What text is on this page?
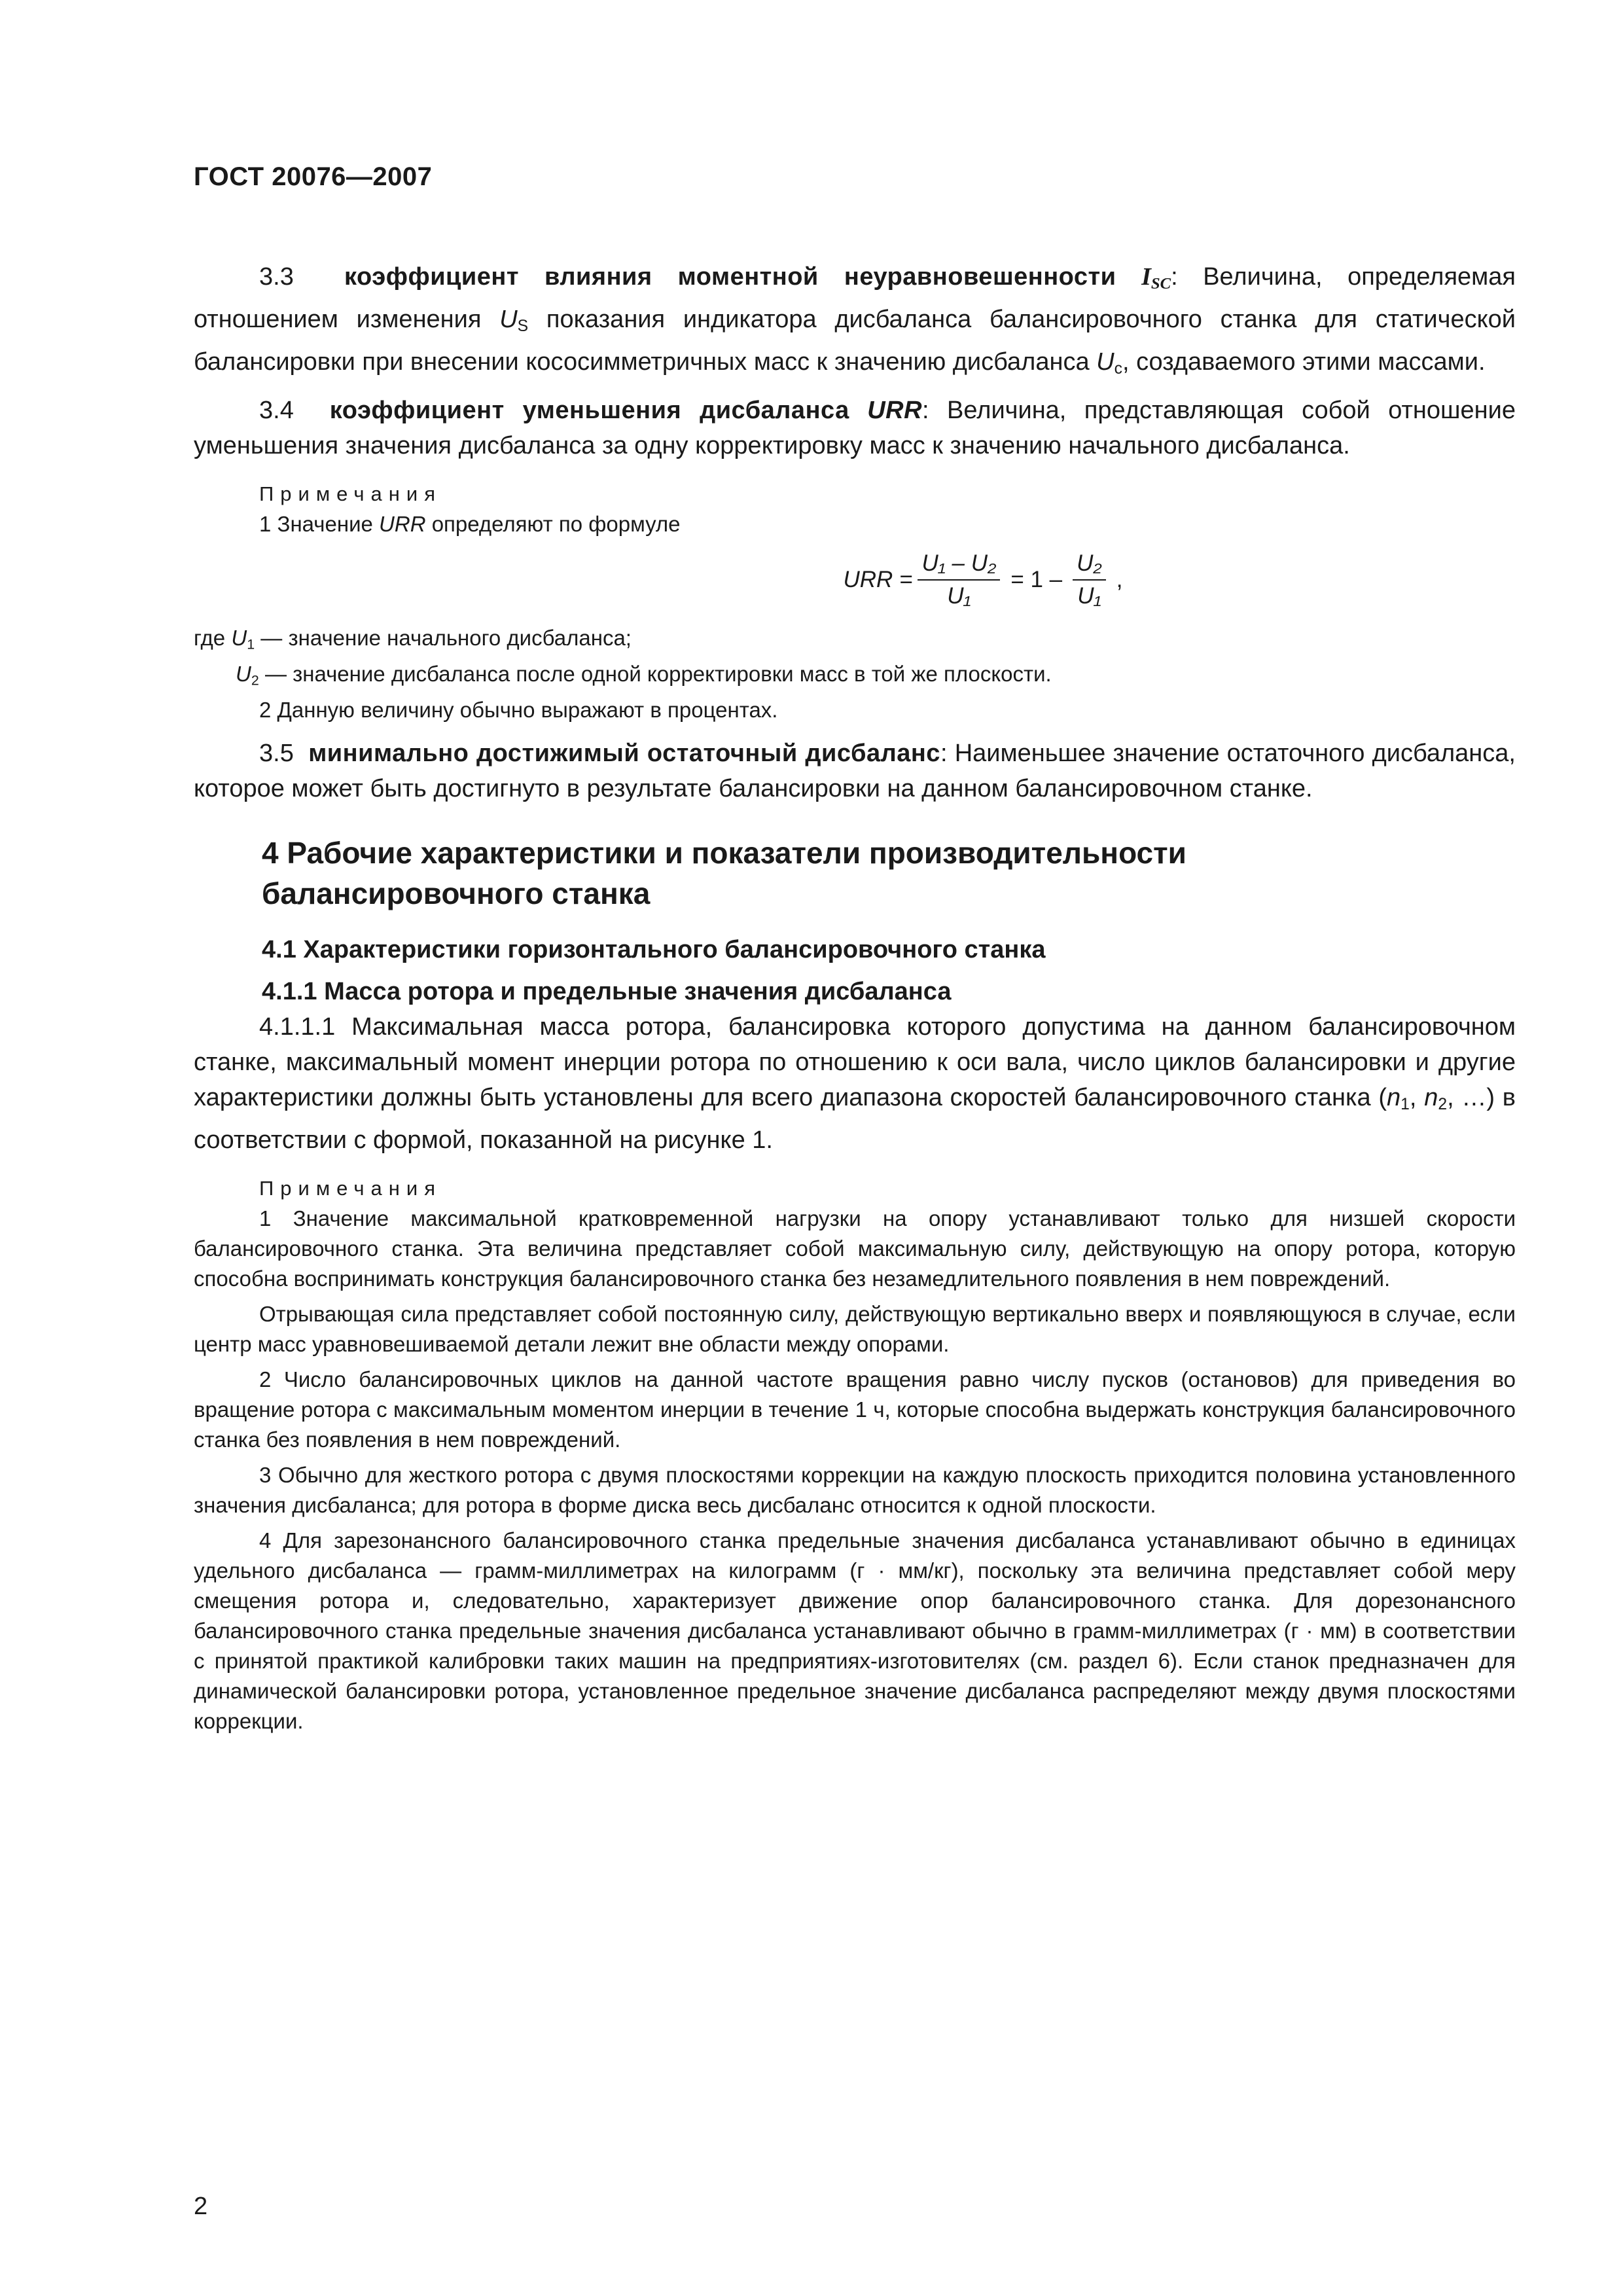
ГОСТ 20076—2007

3.3 коэффициент влияния моментной неуравновешенности $I_{SC}$: Величина, определяемая отношением изменения $U_S$ показания индикатора дисбаланса балансировочного станка для статической балансировки при внесении кососимметричных масс к значению дисбаланса $U_c$, создаваемого этими массами.

3.4 коэффициент уменьшения дисбаланса URR: Величина, представляющая собой отношение уменьшения значения дисбаланса за одну корректировку масс к значению начального дисбаланса.

Примечания

1 Значение URR определяют по формуле

URR = $\frac{\text{U₁ – U₂}}{\text{U₁}} = 1 - \frac{\text{U₂}}{\text{U₁}}$ ,

где $U_1$ — значение начального дисбаланса;

$U_2$ — значение дисбаланса после одной корректировки масс в той же плоскости.

2 Данную величину обычно выражают в процентах.

3.5 минимально достижимый остаточный дисбаланс: Наименьшее значение остаточного дисбаланса, которое может быть достигнуто в результате балансировки на данном балансировочном станке.

4 Рабочие характеристики и показатели производительности балансировочного станка
4.1 Характеристики горизонтального балансировочного станка
4.1.1 Масса ротора и предельные значения дисбаланса

4.1.1.1 Максимальная масса ротора, балансировка которого допустима на данном балансировочном станке, максимальный момент инерции ротора по отношению к оси вала, число циклов балансировки и другие характеристики должны быть установлены для всего диапазона скоростей балансировочного станка ($n_1$, $n_2$, …) в соответствии с формой, показанной на рисунке 1.

Примечания

1 Значение максимальной кратковременной нагрузки на опору устанавливают только для низшей скорости балансировочного станка. Эта величина представляет собой максимальную силу, действующую на опору ротора, которую способна воспринимать конструкция балансировочного станка без незамедлительного появления в нем повреждений.

Отрывающая сила представляет собой постоянную силу, действующую вертикально вверх и появляющуюся в случае, если центр масс уравновешиваемой детали лежит вне области между опорами.

2 Число балансировочных циклов на данной частоте вращения равно числу пусков (остановов) для приведения во вращение ротора с максимальным моментом инерции в течение 1 ч, которые способна выдержать конструкция балансировочного станка без появления в нем повреждений.

3 Обычно для жесткого ротора с двумя плоскостями коррекции на каждую плоскость приходится половина установленного значения дисбаланса; для ротора в форме диска весь дисбаланс относится к одной плоскости.

4 Для зарезонансного балансировочного станка предельные значения дисбаланса устанавливают обычно в единицах удельного дисбаланса — грамм-миллиметрах на килограмм (г · мм/кг), поскольку эта величина представляет собой меру смещения ротора и, следовательно, характеризует движение опор балансировочного станка. Для дорезонансного балансировочного станка предельные значения дисбаланса устанавливают обычно в грамм-миллиметрах (г · мм) в соответствии с принятой практикой калибровки таких машин на предприятиях-изготовителях (см. раздел 6). Если станок предназначен для динамической балансировки ротора, установленное предельное значение дисбаланса распределяют между двумя плоскостями коррекции.

2
